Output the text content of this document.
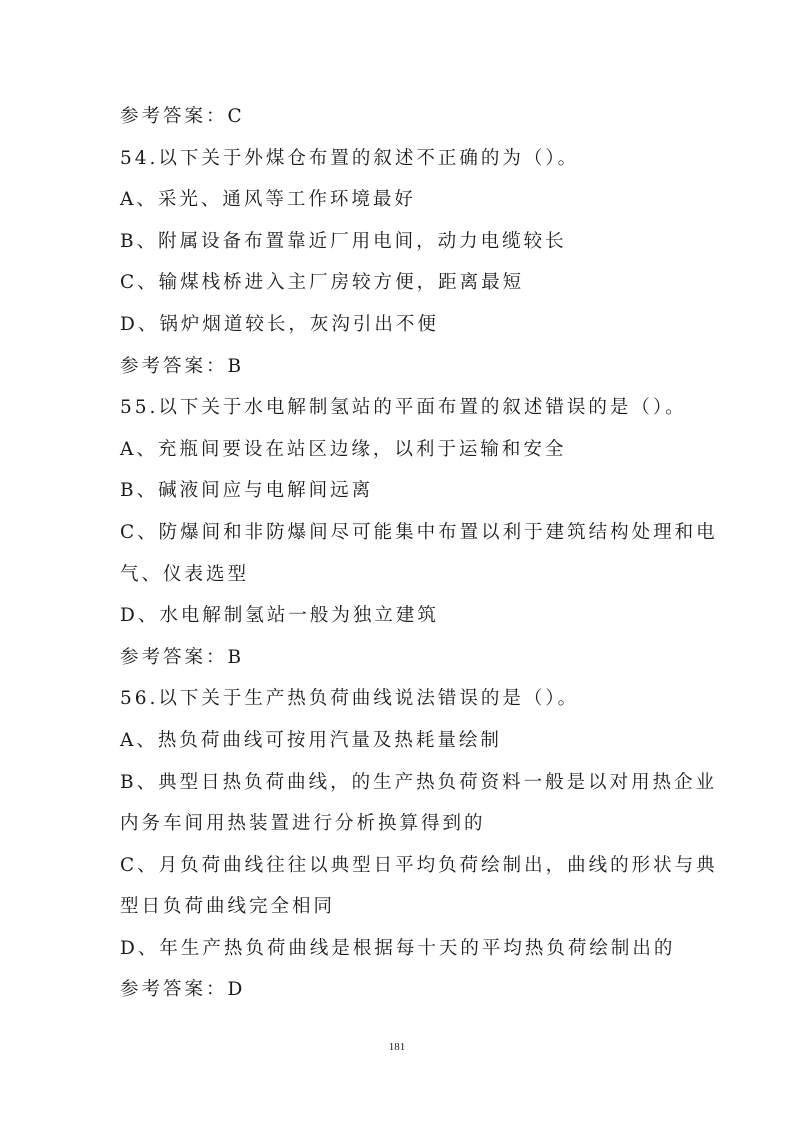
参考答案：C
54.以下关于外煤仓布置的叙述不正确的为（）。
A、采光、通风等工作环境最好
B、附属设备布置靠近厂用电间，动力电缆较长
C、输煤栈桥进入主厂房较方便，距离最短
D、锅炉烟道较长，灰沟引出不便
参考答案：B
55.以下关于水电解制氢站的平面布置的叙述错误的是（）。
A、充瓶间要设在站区边缘，以利于运输和安全
B、碱液间应与电解间远离
C、防爆间和非防爆间尽可能集中布置以利于建筑结构处理和电
气、仪表选型
D、水电解制氢站一般为独立建筑
参考答案：B
56.以下关于生产热负荷曲线说法错误的是（）。
A、热负荷曲线可按用汽量及热耗量绘制
B、典型日热负荷曲线，的生产热负荷资料一般是以对用热企业
内务车间用热装置进行分析换算得到的
C、月负荷曲线往往以典型日平均负荷绘制出，曲线的形状与典
型日负荷曲线完全相同
D、年生产热负荷曲线是根据每十天的平均热负荷绘制出的
参考答案：D
181
